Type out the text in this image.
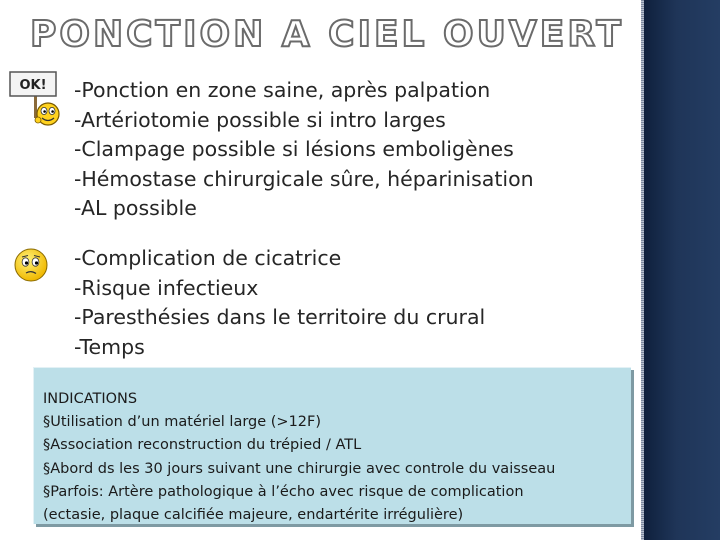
PONCTION A CIEL OUVERT
OK! -Ponction en zone saine, après palpation
-Artériotomie possible si intro larges
-Clampage possible si lésions emboligènes
-Hémostase chirurgicale sûre, héparinisation
-AL possible
-Complication de cicatrice
-Risque infectieux
-Paresthésies dans le territoire du crural
-Temps
INDICATIONS
§Utilisation d’un matériel large (>12F)
§Association reconstruction du trépied / ATL
§Abord ds les 30 jours suivant une chirurgie avec controle du vaisseau
§Parfois: Artère pathologique à l’écho avec risque de complication
(ectasie, plaque calcifiée majeure, endartérite irrégulière)
